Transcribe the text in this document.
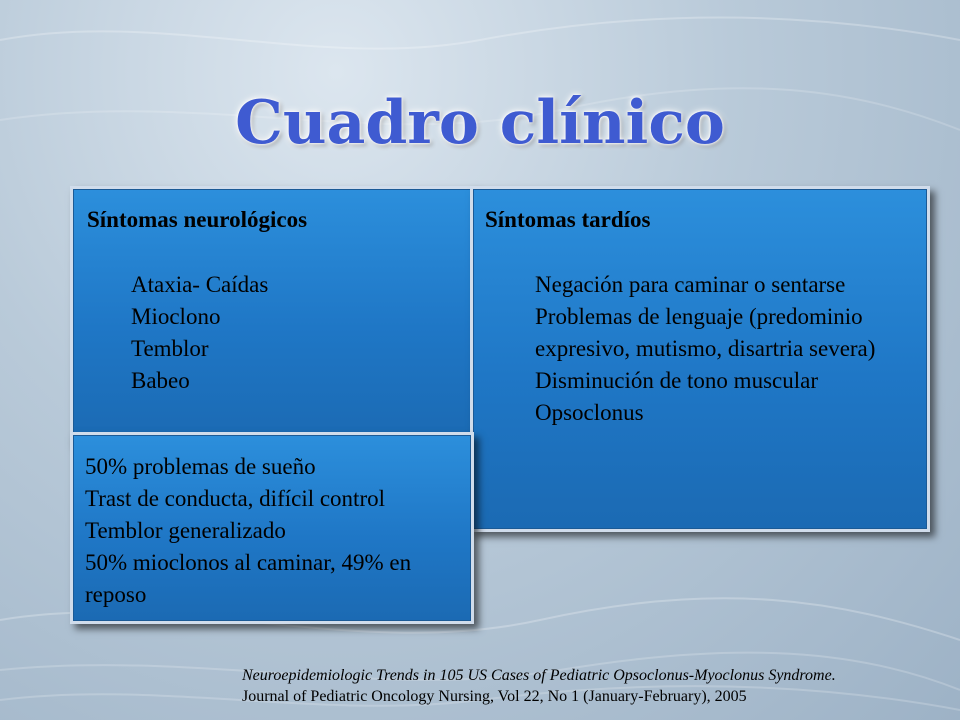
Cuadro clínico
Síntomas neurológicos
Ataxia- Caídas
Mioclono
Temblor
Babeo
Síntomas tardíos
Negación para caminar o sentarse
Problemas de lenguaje (predominio expresivo, mutismo, disartria severa)
Disminución de tono muscular
Opsoclonus
50% problemas de sueño
Trast de conducta, difícil control
Temblor generalizado
50% mioclonos al caminar, 49% en reposo
Neuroepidemiologic Trends in 105 US Cases of Pediatric Opsoclonus-Myoclonus Syndrome.
Journal of Pediatric Oncology Nursing, Vol 22, No 1 (January-February), 2005
